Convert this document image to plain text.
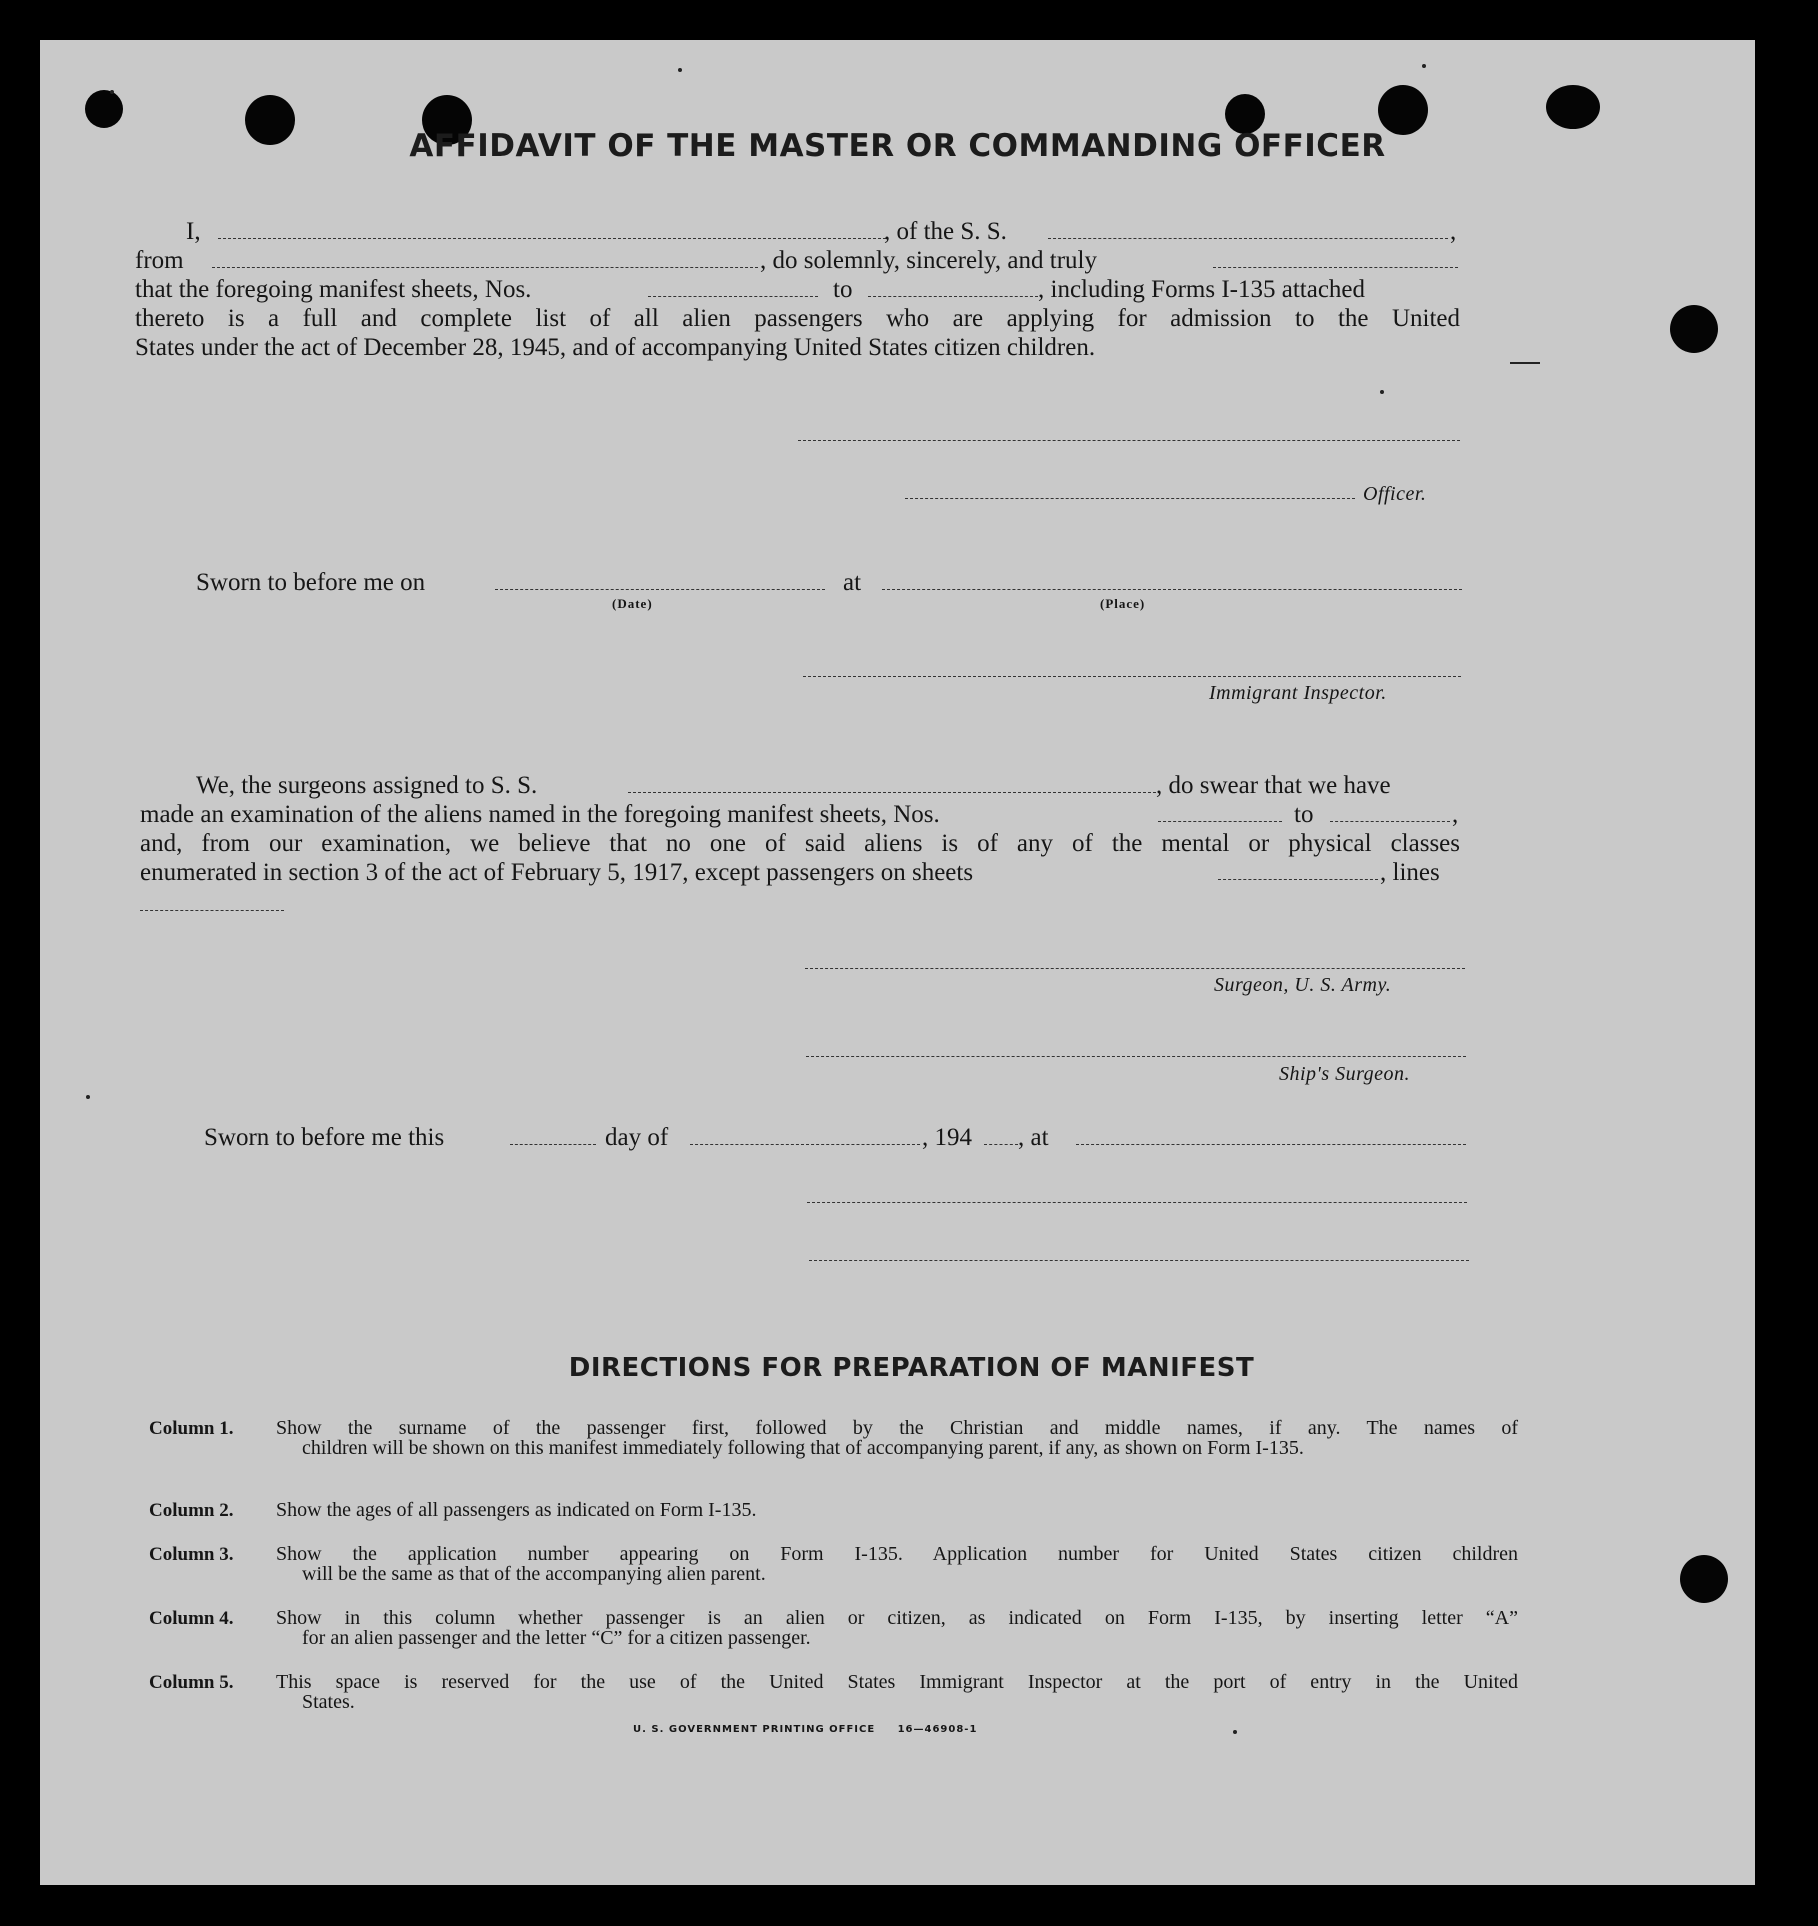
AFFIDAVIT OF THE MASTER OR COMMANDING OFFICER
I,	, of the S. S.	,
from	, do solemnly, sincerely, and truly
that the foregoing manifest sheets, Nos.	to	, including Forms I-135 attached
thereto is a full and complete list of all alien passengers who are applying for admission to the United
States under the act of December 28, 1945, and of accompanying United States citizen children.
Officer.
Sworn to before me on
(Date)
at
(Place)
Immigrant Inspector.
We, the surgeons assigned to S. S.	, do swear that we have
made an examination of the aliens named in the foregoing manifest sheets, Nos.	to	,
and, from our examination, we believe that no one of said aliens is of any of the mental or physical classes
enumerated in section 3 of the act of February 5, 1917, except passengers on sheets	, lines
Surgeon, U. S. Army.
Ship's Surgeon.
Sworn to before me this	day of	, 194 , at
DIRECTIONS FOR PREPARATION OF MANIFEST
Column 1. Show the surname of the passenger first, followed by the Christian and middle names, if any. The names of
children will be shown on this manifest immediately following that of accompanying parent, if any, as shown on Form I-135.
Column 2. Show the ages of all passengers as indicated on Form I-135.
Column 3. Show the application number appearing on Form I-135. Application number for United States citizen children
will be the same as that of the accompanying alien parent.
Column 4. Show in this column whether passenger is an alien or citizen, as indicated on Form I-135, by inserting letter “A”
for an alien passenger and the letter “C” for a citizen passenger.
Column 5. This space is reserved for the use of the United States Immigrant Inspector at the port of entry in the United
States.
U. S. GOVERNMENT PRINTING OFFICE     16—46908-1
